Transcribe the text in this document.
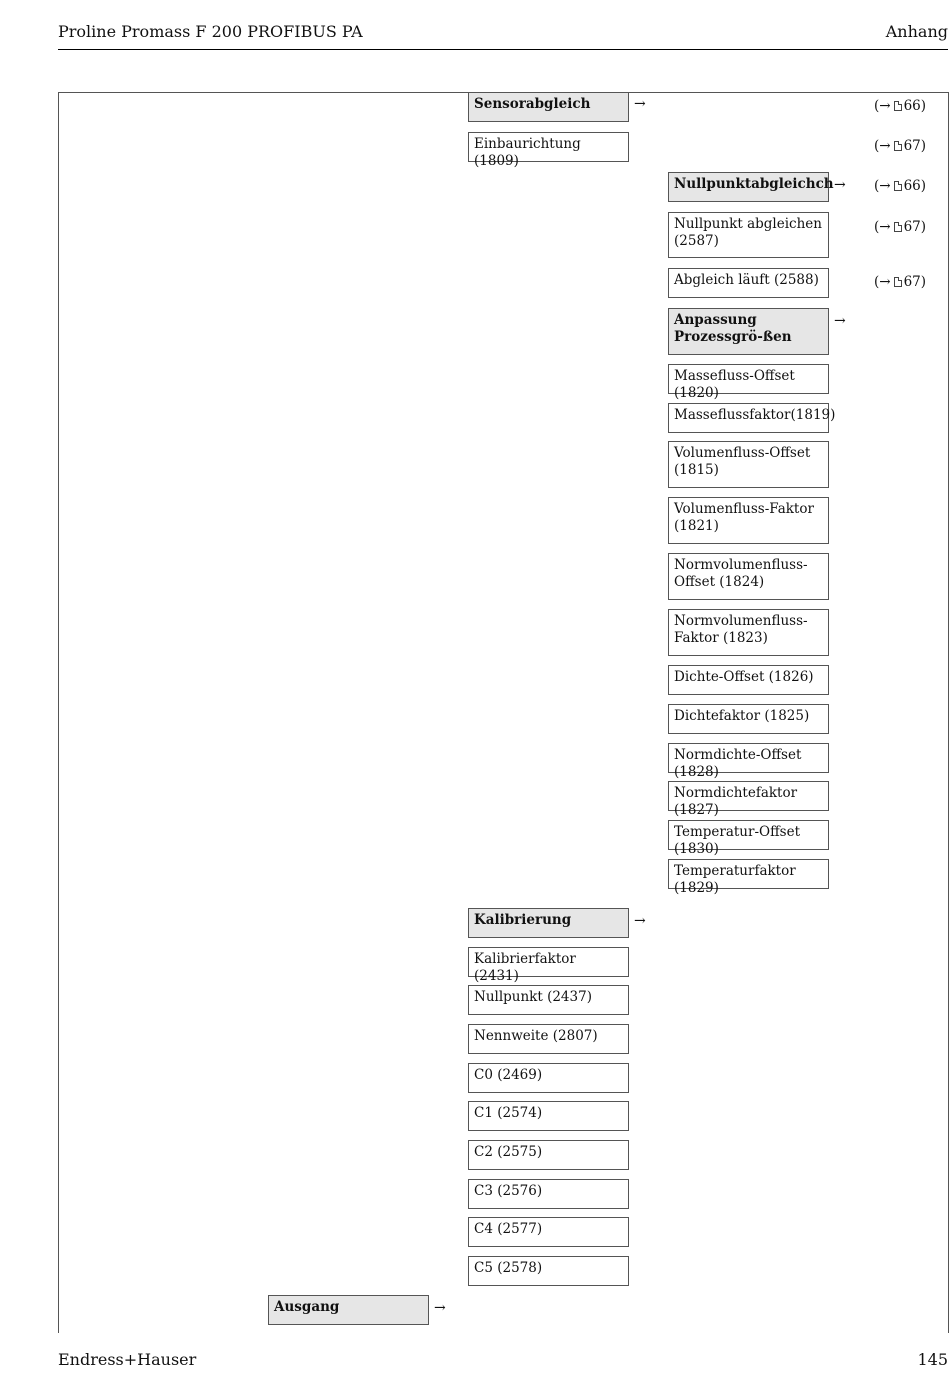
Proline Promass F 200 PROFIBUS PA	Anhang
Sensorabgleich	→	(→ 66)
Einbaurichtung (1809)
(→ 67)
Nullpunktabgleichch → (→ 66)
Nullpunkt abgleichen (2587)
(→ 67)
Abgleich läuft (2588)	(→ 67)
Anpassung Prozessgrö-ßen
→
Massefluss-Offset (1820)
Masseflussfaktor(1819)
Volumenfluss-Offset (1815)
Volumenfluss-Faktor (1821)
Normvolumenfluss-Offset (1824)
Normvolumenfluss-Faktor (1823)
Dichte-Offset (1826)
Dichtefaktor (1825)
Normdichte-Offset (1828)
Normdichtefaktor (1827)
Temperatur-Offset (1830)
Temperaturfaktor (1829)
Kalibrierung	→
Kalibrierfaktor (2431)
Nullpunkt (2437)
Nennweite (2807)
C0 (2469)
C1 (2574)
C2 (2575)
C3 (2576)
C4 (2577)
C5 (2578)
Ausgang	→
Endress+Hauser	145
